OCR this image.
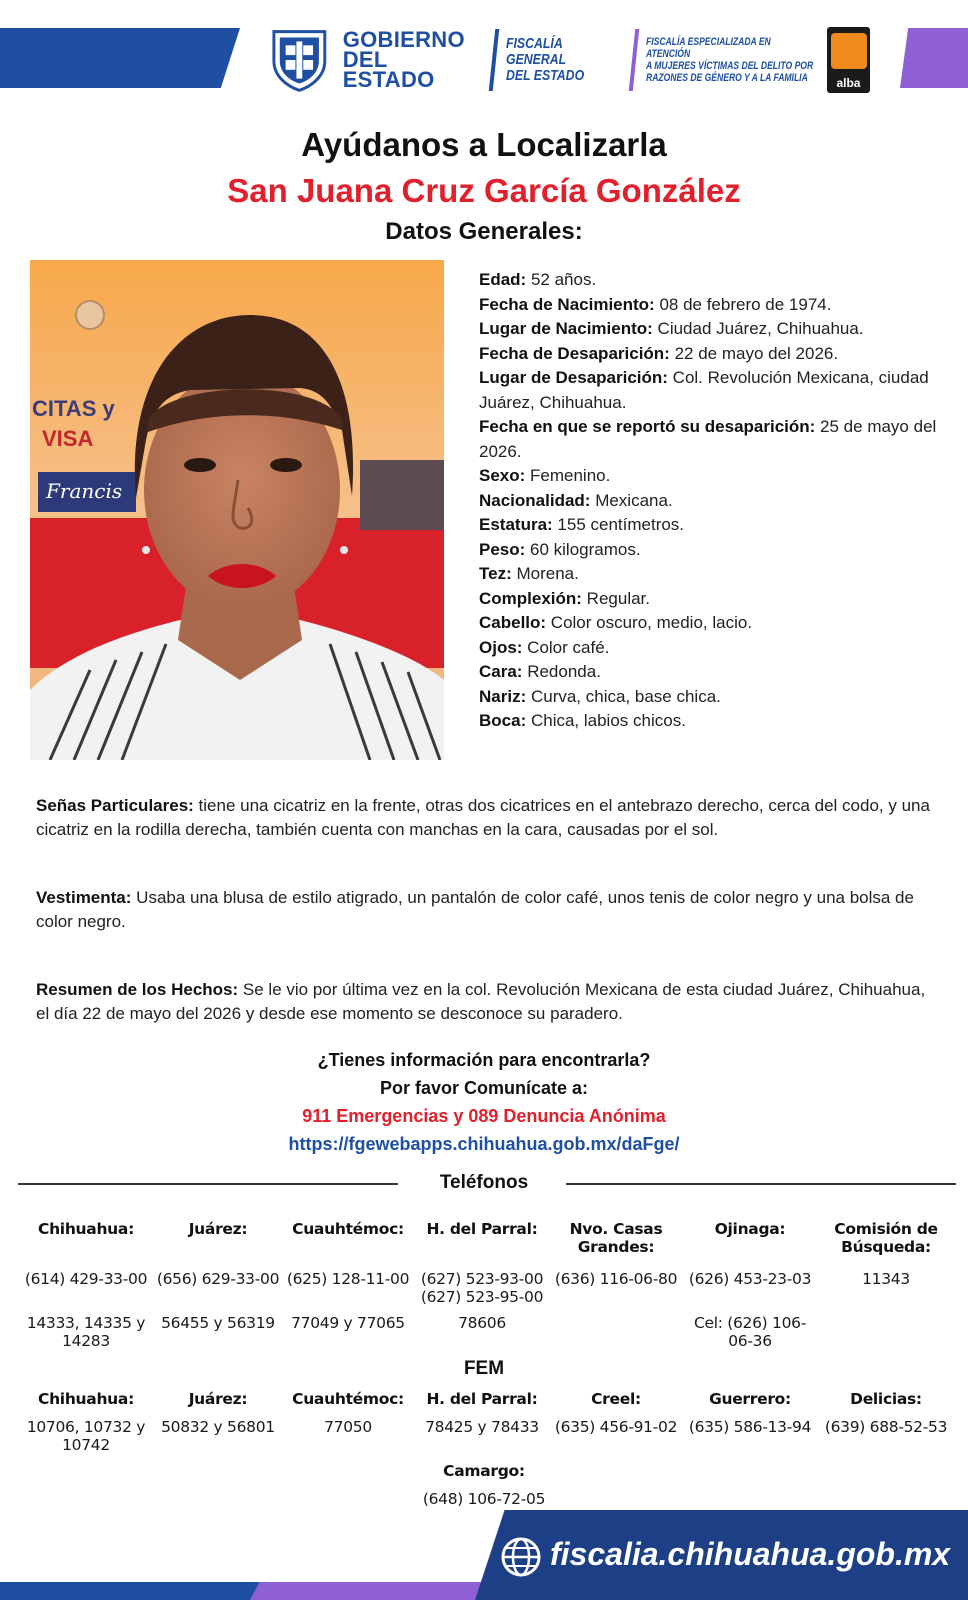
GOBIERNO
DEL ESTADO
FISCALÍA GENERAL
DEL ESTADO
FISCALÍA ESPECIALIZADA EN ATENCIÓN
A MUJERES VÍCTIMAS DEL DELITO POR
RAZONES DE GÉNERO Y A LA FAMILIA	alba
Ayúdanos a Localizarla
San Juana Cruz García González
Datos Generales:
CITAS y
VISA
Francis
Edad: 52 años.
Fecha de Nacimiento: 08 de febrero de 1974.
Lugar de Nacimiento: Ciudad Juárez, Chihuahua.
Fecha de Desaparición: 22 de mayo del 2026.
Lugar de Desaparición: Col. Revolución Mexicana, ciudad Juárez, Chihuahua.
Fecha en que se reportó su desaparición: 25 de mayo del 2026.
Sexo: Femenino.
Nacionalidad: Mexicana.
Estatura: 155 centímetros.
Peso: 60 kilogramos.
Tez: Morena.
Complexión: Regular.
Cabello: Color oscuro, medio, lacio.
Ojos: Color café.
Cara: Redonda.
Nariz: Curva, chica, base chica.
Boca: Chica, labios chicos.
Señas Particulares: tiene una cicatriz en la frente, otras dos cicatrices en el antebrazo derecho, cerca del codo, y una cicatriz en la rodilla derecha, también cuenta con manchas en la cara, causadas por el sol.
Vestimenta: Usaba una blusa de estilo atigrado, un pantalón de color café, unos tenis de color negro y una bolsa de color negro.
Resumen de los Hechos: Se le vio por última vez en la col. Revolución Mexicana de esta ciudad Juárez, Chihuahua, el día 22 de mayo del 2026 y desde ese momento se desconoce su paradero.
¿Tienes información para encontrarla?
Por favor Comunícate a:
911 Emergencias y 089 Denuncia Anónima
https://fgewebapps.chihuahua.gob.mx/daFge/
Teléfonos
Chihuahua:
(614) 429-33-00
14333, 14335 y 14283
Juárez:
(656) 629-33-00
56455 y 56319
Cuauhtémoc:
(625) 128-11-00
77049 y 77065
H. del Parral:
(627) 523-93-00 (627) 523-95-00
78606
Nvo. Casas Grandes:
(636) 116-06-80
Ojinaga:
(626) 453-23-03
Cel: (626) 106-06-36
Comisión de Búsqueda:
11343
FEM
Chihuahua:
10706, 10732 y 10742
Juárez:
50832 y 56801
Cuauhtémoc:
77050
H. del Parral:
78425 y 78433
Creel:
(635) 456-91-02
Guerrero:
(635) 586-13-94
Delicias:
(639) 688-52-53
Camargo:
(648) 106-72-05
fiscalia.chihuahua.gob.mx
